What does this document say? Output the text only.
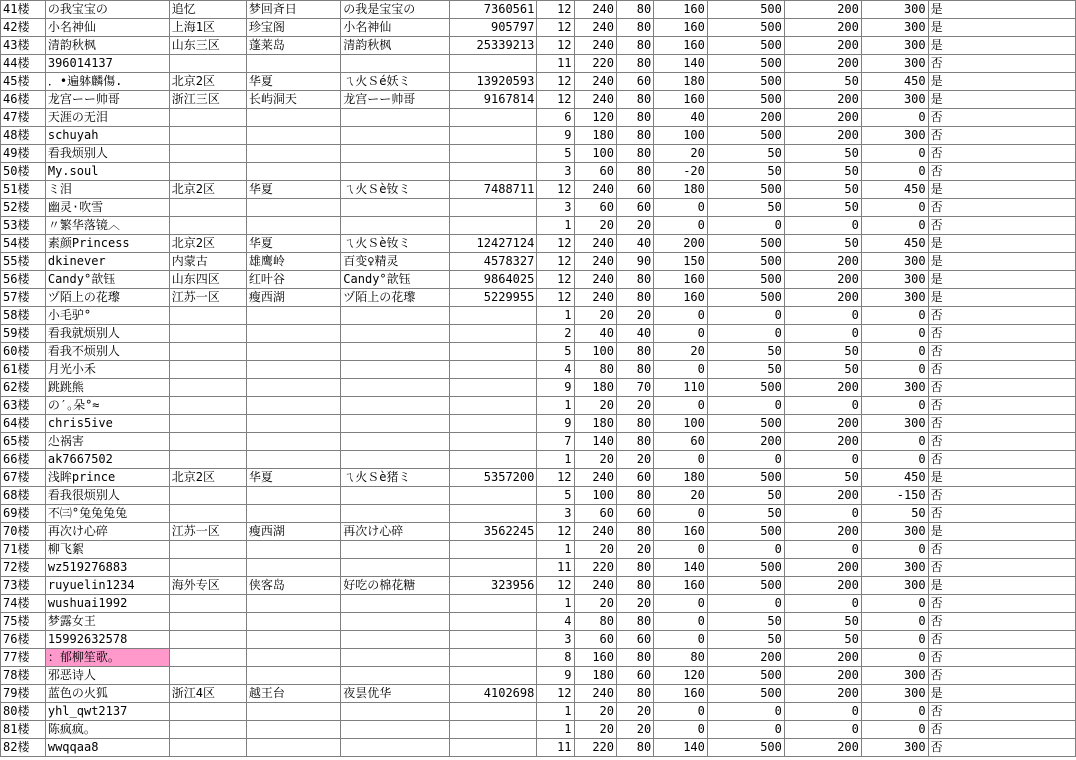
41楼	の我宝宝の	追忆	梦回斉日	の我是宝宝の	7360561	12	240	80	160	500	200	300	是
42楼	小名神仙	上海1区	珍宝阁	小名神仙	905797	12	240	80	160	500	200	300	是
43楼	清韵秋枫	山东三区	蓬莱岛	清韵秋枫	25339213	12	240	80	160	500	200	300	是
44楼	396014137					11	220	80	140	500	200	300	否
45楼	．•遍躰麟傷.	北京2区	华夏	ㄟ火Ｓé妖ミ	13920593	12	240	60	180	500	50	450	是
46楼	龙宫ーー帅哥	浙江三区	长屿洞天	龙宫ーー帅哥	9167814	12	240	80	160	500	200	300	是
47楼	天涯の无泪					6	120	80	40	200	200	0	否
48楼	schuyah					9	180	80	100	500	200	300	否
49楼	看我烦别人					5	100	80	20	50	50	0	否
50楼	My.soul					3	60	80	-20	50	50	0	否
51楼	ミ泪	北京2区	华夏	ㄟ火Ｓè钕ミ	7488711	12	240	60	180	500	50	450	是
52楼	幽灵·吹雪					3	60	60	0	50	50	0	否
53楼	〃繁华落镜︿					1	20	20	0	0	0	0	否
54楼	素颜Princess	北京2区	华夏	ㄟ火Ｓè钕ミ	12427124	12	240	40	200	500	50	450	是
55楼	dkinever	内蒙古	雄鹰岭	百变♀精灵	4578327	12	240	90	150	500	200	300	是
56楼	Candy°歆钰	山东四区	红叶谷	Candy°歆钰	9864025	12	240	80	160	500	200	300	是
57楼	ヅ陌上の花瓈	江苏一区	瘦西湖	ヅ陌上の花瓈	5229955	12	240	80	160	500	200	300	是
58楼	小毛驴°					1	20	20	0	0	0	0	否
59楼	看我就烦别人					2	40	40	0	0	0	0	否
60楼	看我不烦别人					5	100	80	20	50	50	0	否
61楼	月光小禾					4	80	80	0	50	50	0	否
62楼	跳跳熊					9	180	70	110	500	200	300	否
63楼	の′｡朵°≈					1	20	20	0	0	0	0	否
64楼	chris5ive					9	180	80	100	500	200	300	否
65楼	尐祸害					7	140	80	60	200	200	0	否
66楼	ak7667502					1	20	20	0	0	0	0	否
67楼	浅眸prince	北京2区	华夏	ㄟ火Ｓè猪ミ	5357200	12	240	60	180	500	50	450	是
68楼	看我很烦别人					5	100	80	20	50	200	-150	否
69楼	不㈢°兔兔兔兔					3	60	60	0	50	0	50	否
70楼	再次け心碎	江苏一区	瘦西湖	再次け心碎	3562245	12	240	80	160	500	200	300	是
71楼	柳飞絮					1	20	20	0	0	0	0	否
72楼	wz519276883					11	220	80	140	500	200	300	否
73楼	ruyuelin1234	海外专区	侠客岛	好吃の棉花糖	323956	12	240	80	160	500	200	300	是
74楼	wushuai1992					1	20	20	0	0	0	0	否
75楼	梦露女王					4	80	80	0	50	50	0	否
76楼	15992632578					3	60	60	0	50	50	0	否
77楼	：郁柳笙歌。					8	160	80	80	200	200	0	否
78楼	邪恶诗人					9	180	60	120	500	200	300	否
79楼	蓝色の火狐	浙江4区	越王台	夜昙优华	4102698	12	240	80	160	500	200	300	是
80楼	yhl_qwt2137					1	20	20	0	0	0	0	否
81楼	陈疯疯。					1	20	20	0	0	0	0	否
82楼	wwqqaa8					11	220	80	140	500	200	300	否
